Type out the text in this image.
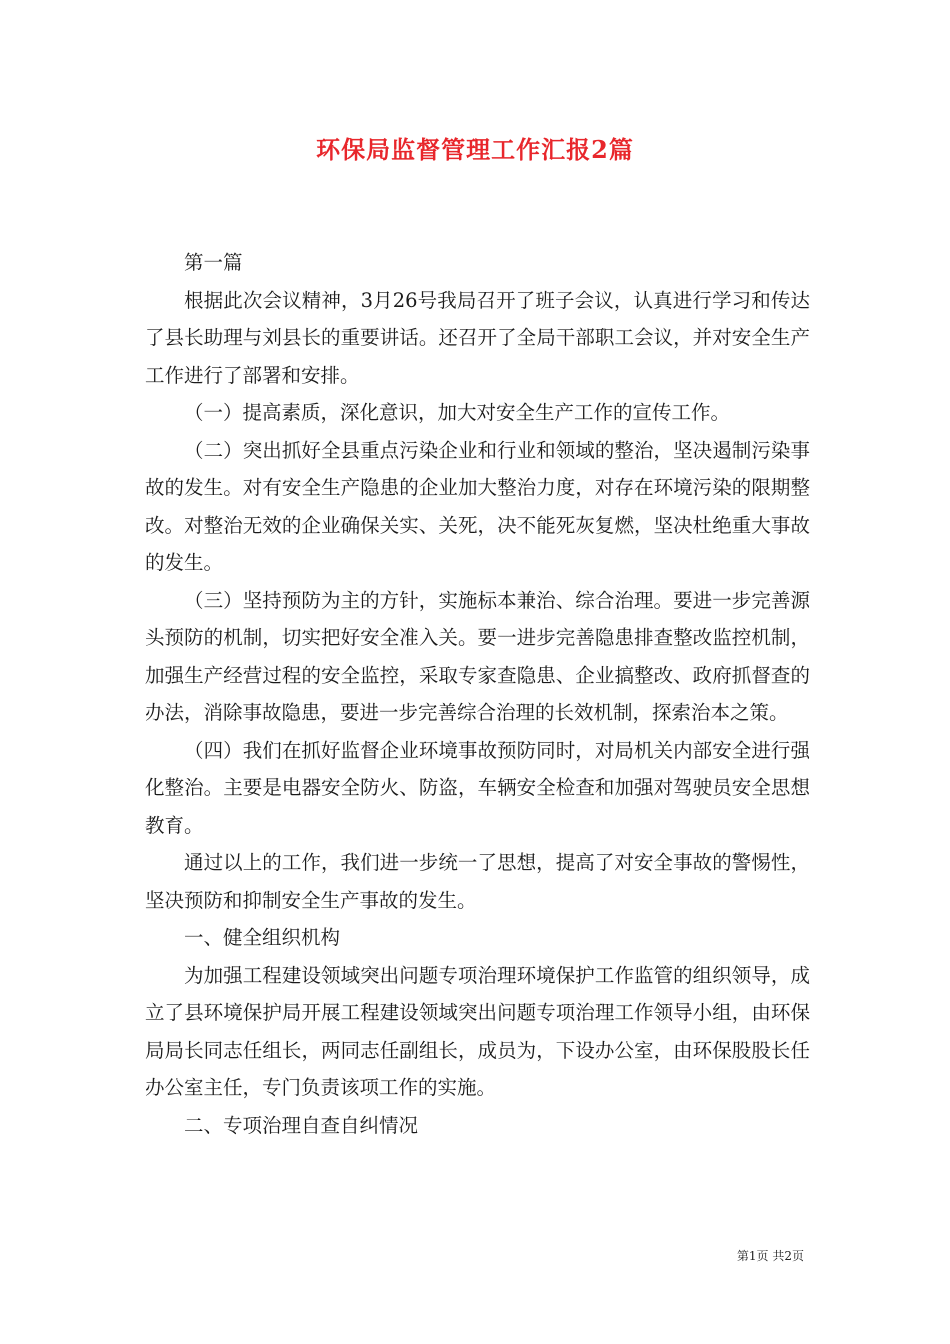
环保局监督管理工作汇报2篇

第一篇

根据此次会议精神，3月26号我局召开了班子会议，认真进行学习和传达了县长助理与刘县长的重要讲话。还召开了全局干部职工会议，并对安全生产工作进行了部署和安排。

（一）提高素质，深化意识，加大对安全生产工作的宣传工作。

（二）突出抓好全县重点污染企业和行业和领域的整治，坚决遏制污染事故的发生。对有安全生产隐患的企业加大整治力度，对存在环境污染的限期整改。对整治无效的企业确保关实、关死，决不能死灰复燃，坚决杜绝重大事故的发生。

（三）坚持预防为主的方针，实施标本兼治、综合治理。要进一步完善源头预防的机制，切实把好安全准入关。要一进步完善隐患排查整改监控机制，加强生产经营过程的安全监控，采取专家查隐患、企业搞整改、政府抓督查的办法，消除事故隐患，要进一步完善综合治理的长效机制，探索治本之策。

（四）我们在抓好监督企业环境事故预防同时，对局机关内部安全进行强化整治。主要是电器安全防火、防盗，车辆安全检查和加强对驾驶员安全思想教育。

通过以上的工作，我们进一步统一了思想，提高了对安全事故的警惕性，坚决预防和抑制安全生产事故的发生。

一、健全组织机构

为加强工程建设领域突出问题专项治理环境保护工作监管的组织领导，成立了县环境保护局开展工程建设领域突出问题专项治理工作领导小组，由环保局局长同志任组长，两同志任副组长，成员为，下设办公室，由环保股股长任办公室主任，专门负责该项工作的实施。

二、专项治理自查自纠情况

第1页 共2页
